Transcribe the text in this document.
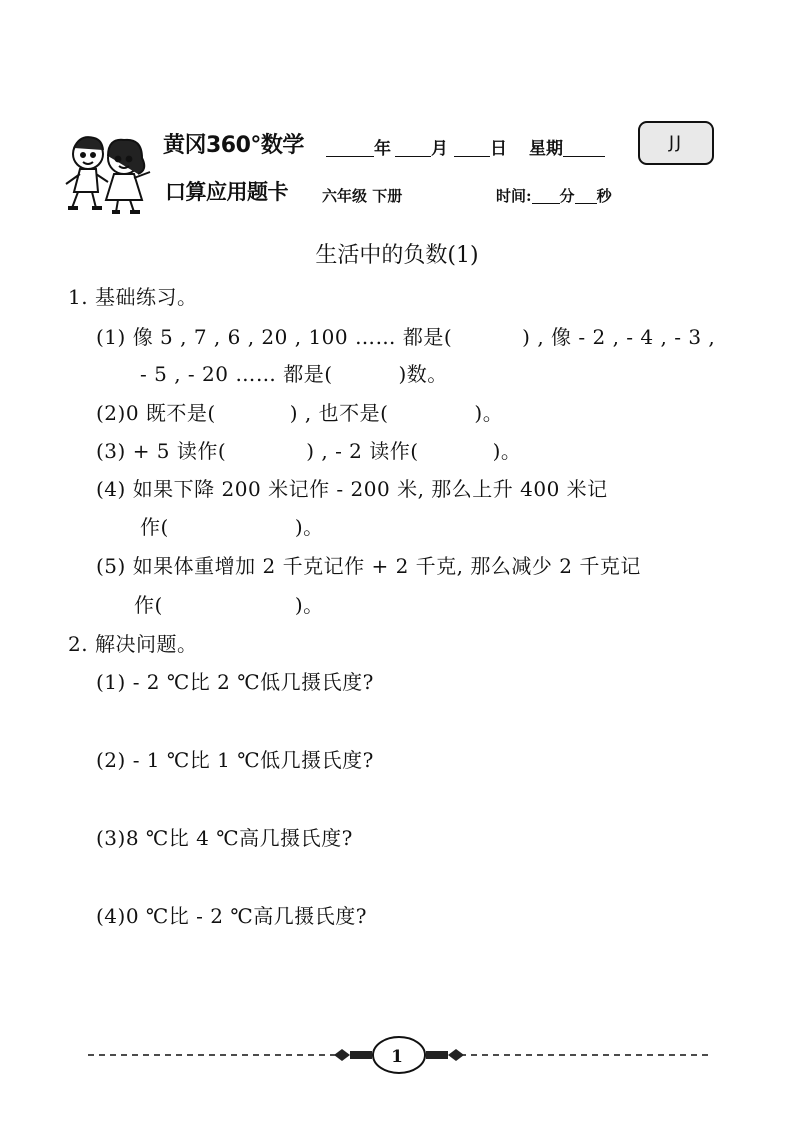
黄冈360°数学
口算应用题卡
年 月 日 星期	JJ
六年级 下册	时间: 分 秒
生活中的负数(1)
1. 基础练习。
(1) 像 5 , 7 , 6 , 20 , 100 …… 都是(	) , 像 - 2 , - 4 , - 3 ,
- 5 , - 20 …… 都是(	)数。
(2)0 既不是(	) , 也不是(	)。
(3) + 5 读作(	) , - 2 读作(	)。
(4) 如果下降 200 米记作 - 200 米, 那么上升 400 米记
作(	)。
(5) 如果体重增加 2 千克记作 + 2 千克, 那么减少 2 千克记
作(	)。
2. 解决问题。
(1) - 2 ℃比 2 ℃低几摄氏度?
(2) - 1 ℃比 1 ℃低几摄氏度?
(3)8 ℃比 4 ℃高几摄氏度?
(4)0 ℃比 - 2 ℃高几摄氏度?
1
